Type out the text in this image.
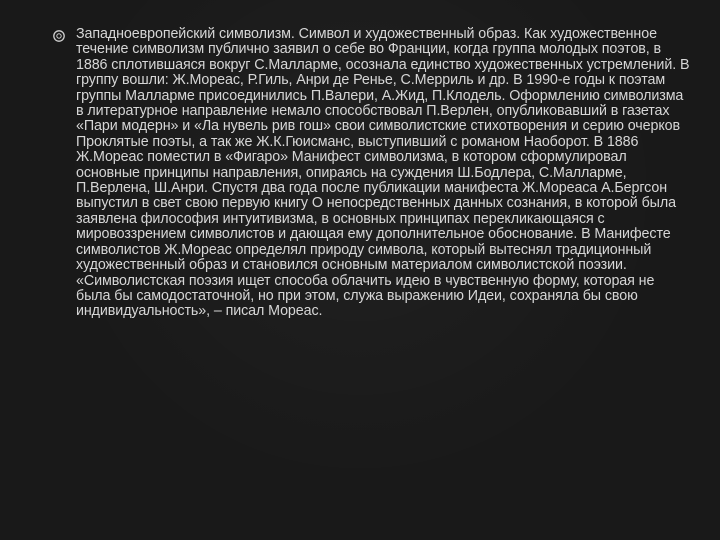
Западноевропейский символизм. Символ и художественный образ. Как художественное течение символизм публично заявил о себе во Франции, когда группа молодых поэтов, в 1886 сплотившаяся вокруг С.Малларме, осознала единство художественных устремлений. В группу вошли: Ж.Мореас, Р.Гиль, Анри де Ренье, С.Мерриль и др. В 1990-е годы к поэтам группы Малларме присоединились П.Валери, А.Жид, П.Клодель. Оформлению символизма в литературное направление немало способствовал П.Верлен, опубликовавший в газетах «Пари модерн» и «Ла нувель рив гош» свои символистские стихотворения и серию очерков Проклятые поэты, а так же Ж.К.Гюисманс, выступивший с романом Наоборот. В 1886 Ж.Мореас поместил в «Фигаро» Манифест символизма, в котором сформулировал основные принципы направления, опираясь на суждения Ш.Бодлера, С.Малларме, П.Верлена, Ш.Анри. Спустя два года после публикации манифеста Ж.Мореаса А.Бергсон выпустил в свет свою первую книгу О непосредственных данных сознания, в которой была заявлена философия интуитивизма, в основных принципах перекликающаяся с мировоззрением символистов и дающая ему дополнительное обоснование. В Манифесте символистов Ж.Мореас определял природу символа, который вытеснял традиционный художественный образ и становился основным материалом символистской поэзии. «Символистская поэзия ищет способа облачить идею в чувственную форму, которая не была бы самодостаточной, но при этом, служа выражению Идеи, сохраняла бы свою индивидуальность», – писал Мореас.
